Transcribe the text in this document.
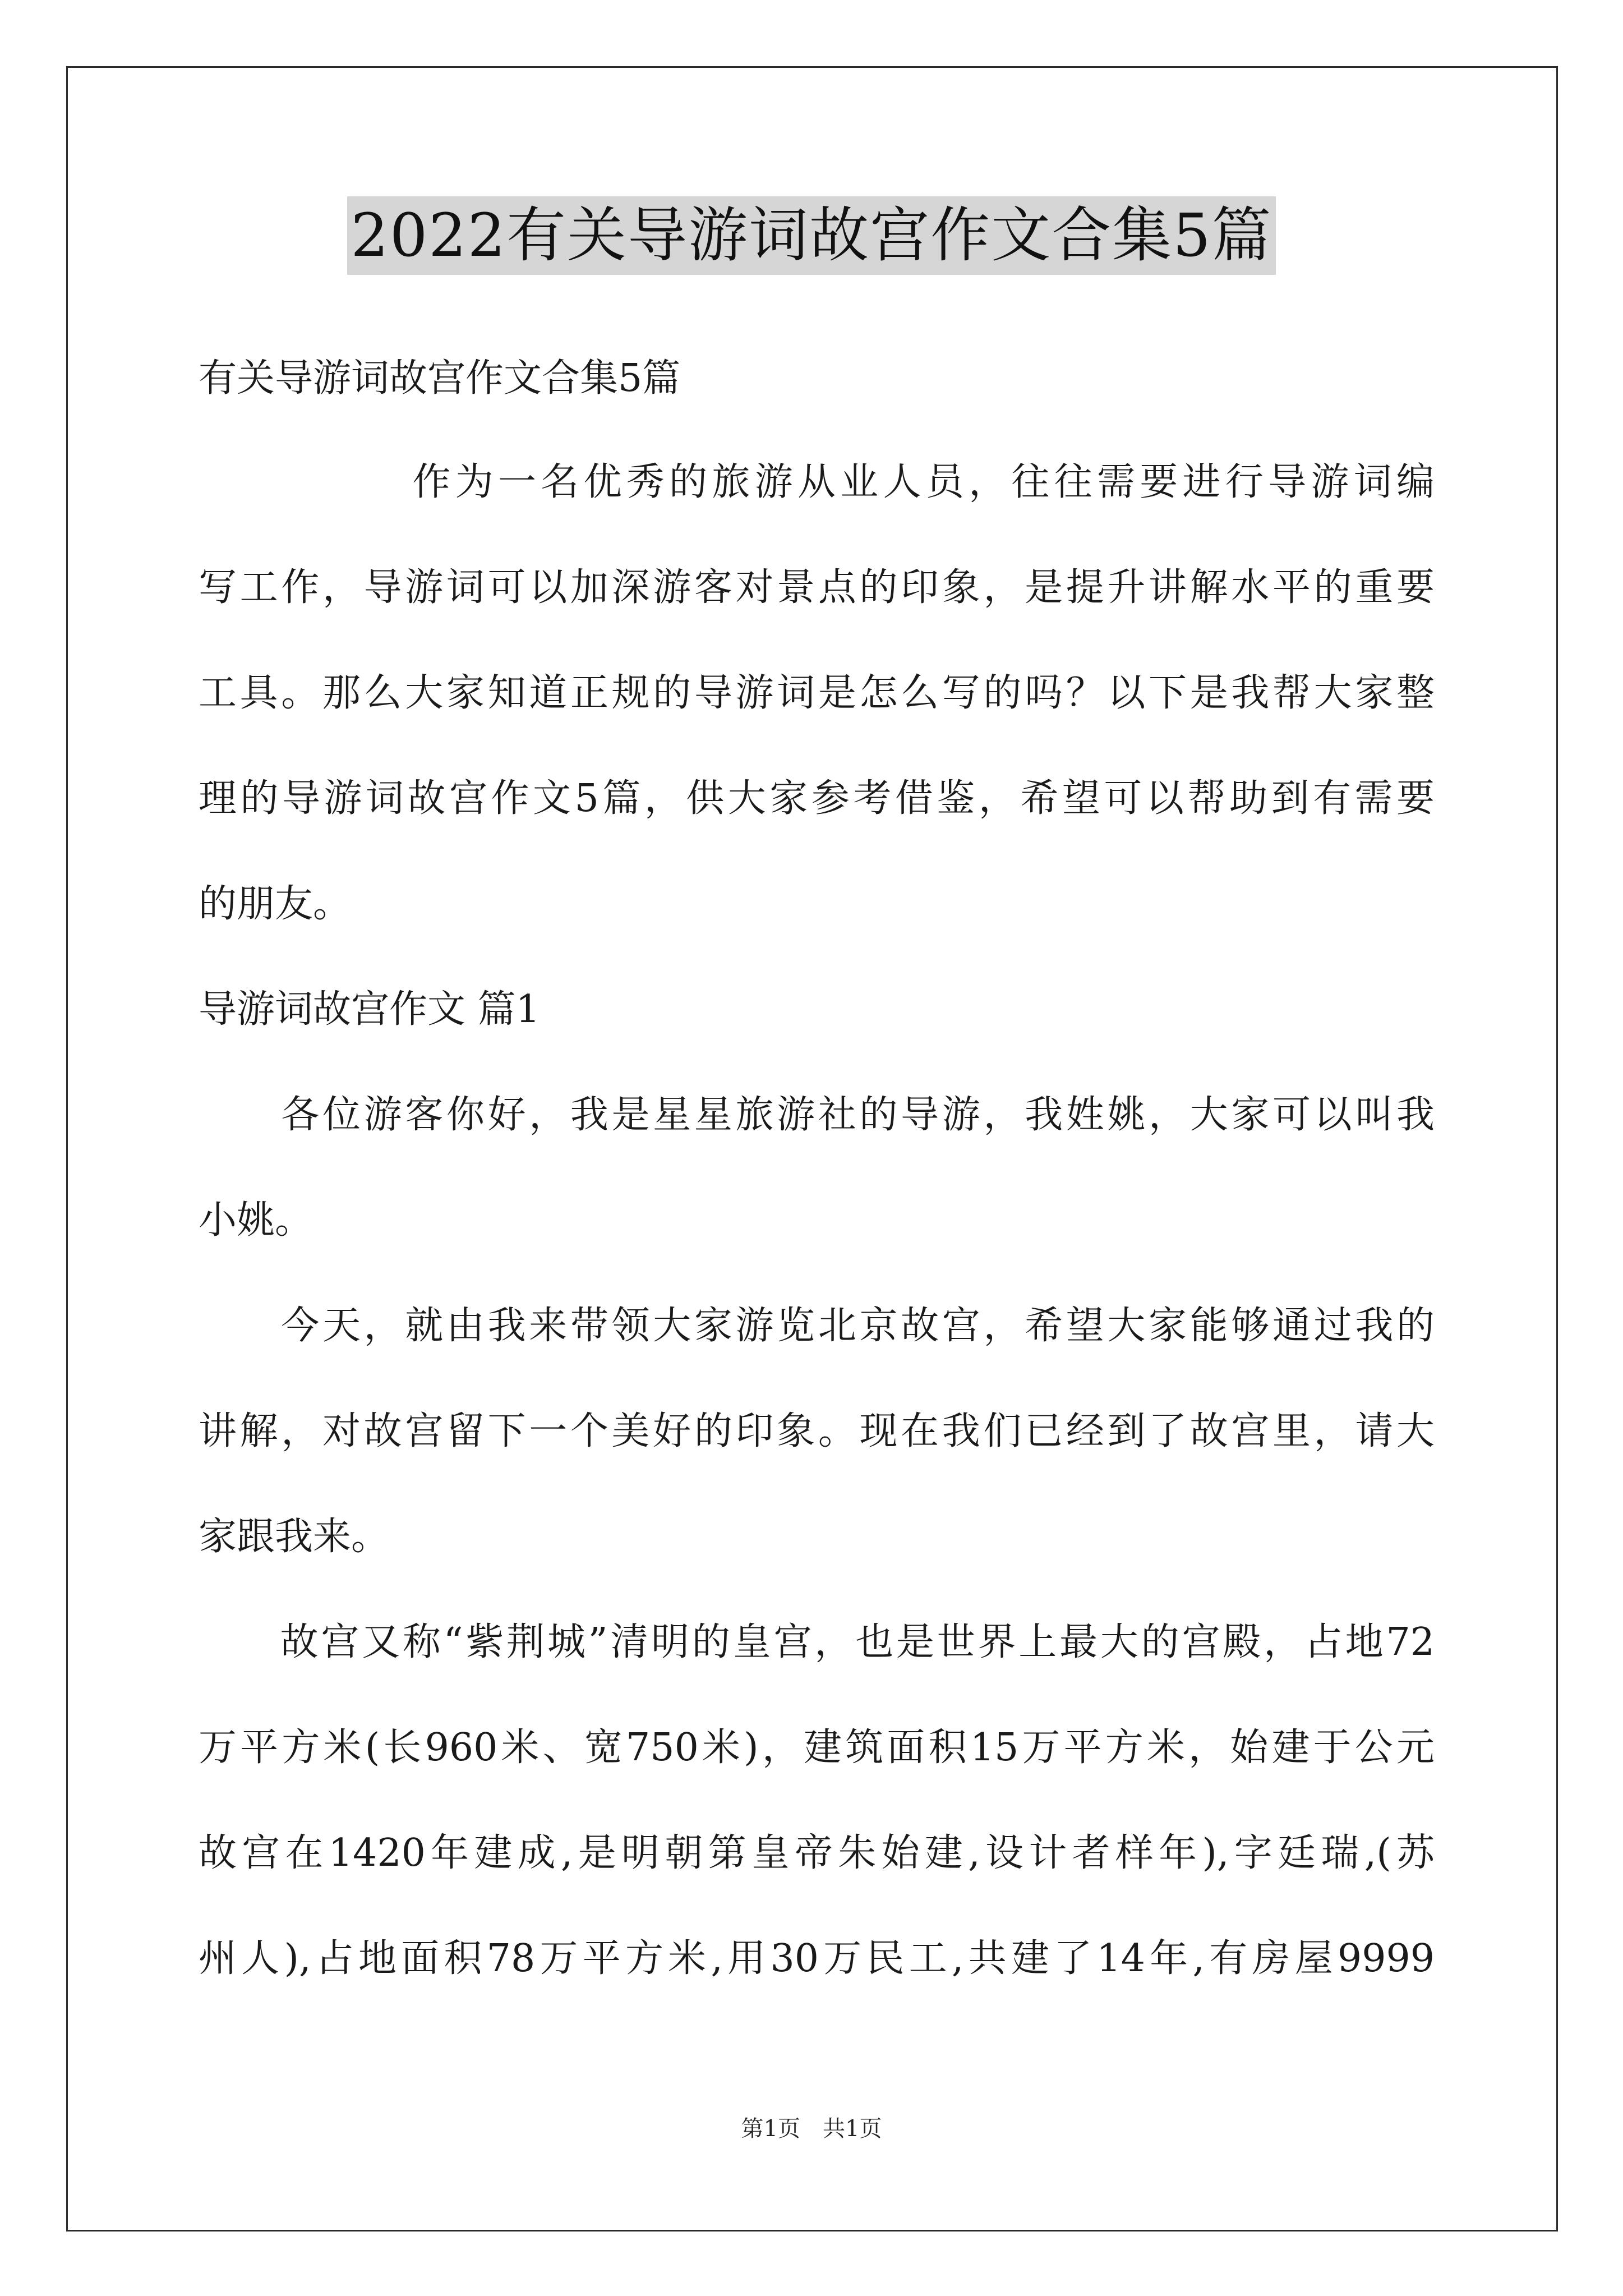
2022有关导游词故宫作文合集5篇
有关导游词故宫作文合集5篇
　　　　　作为一名优秀的旅游从业人员，往往需要进行导游词编
写工作，导游词可以加深游客对景点的印象，是提升讲解水平的重要
工具。那么大家知道正规的导游词是怎么写的吗？以下是我帮大家整
理的导游词故宫作文5篇，供大家参考借鉴，希望可以帮助到有需要
的朋友。
导游词故宫作文 篇1
　　各位游客你好，我是星星旅游社的导游，我姓姚，大家可以叫我
小姚。
　　今天，就由我来带领大家游览北京故宫，希望大家能够通过我的
讲解，对故宫留下一个美好的印象。现在我们已经到了故宫里，请大
家跟我来。
　　故宫又称“紫荆城”清明的皇宫，也是世界上最大的宫殿，占地72
万平方米(长960米、宽750米)，建筑面积15万平方米，始建于公元
故宫在1420年建成,是明朝第皇帝朱始建,设计者样年),字廷瑞,(苏
州人),占地面积78万平方米,用30万民工,共建了14年,有房屋9999
第1页　共1页
